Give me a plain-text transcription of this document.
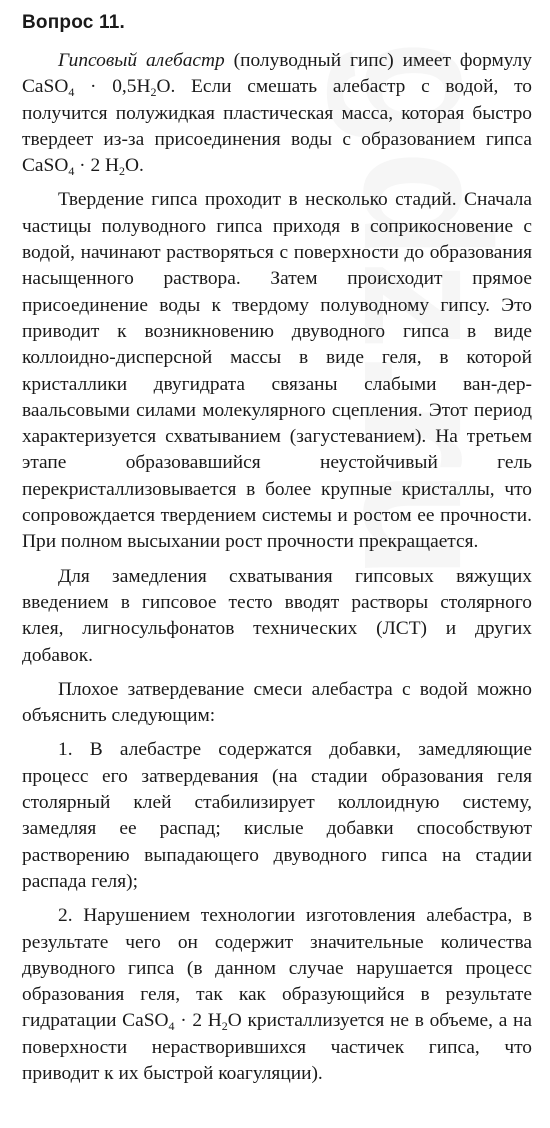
Вопрос 11.

Гипсовый алебастр (полуводный гипс) имеет формулу CaSO$_4$ · $0,5H_2O$. Если смешать алебастр с водой, то получится полужидкая пластическая масса, которая быстро твердеет из-за присоединения воды с образованием гипса CaSO$_4$ · 2 $H_2O$.

Твердение гипса проходит в несколько стадий. Сначала частицы полуводного гипса приходя в соприкосновение с водой, начинают растворяться с поверхности до образования насыщенного раствора. Затем происходит прямое присоединение воды к твердому полуводному гипсу. Это приводит к возникновению двуводного гипса в виде коллоидно-дисперсной массы в виде геля, в которой кристаллики двугидрата связаны слабыми ван-дер-ваальсовыми силами молекулярного сцепления. Этот период характеризуется схватыванием (загустеванием). На третьем этапе образовавшийся неустойчивый гель перекристаллизовывается в более крупные кристаллы, что сопровождается твердением системы и ростом ее прочности. При полном высыхании рост прочности прекращается.

Для замедления схватывания гипсовых вяжущих введением в гипсовое тесто вводят растворы столярного клея, лигносульфонатов технических (ЛСТ) и других добавок.

Плохое затвердевание смеси алебастра с водой можно объяснить следующим:

1. В алебастре содержатся добавки, замедляющие процесс его затвердевания (на стадии образования геля столярный клей стабилизирует коллоидную систему, замедляя ее распад; кислые добавки способствуют растворению выпадающего двуводного гипса на стадии распада геля);

2. Нарушением технологии изготовления алебастра, в результате чего он содержит значительные количества двуводного гипса (в данном случае нарушается процесс образования геля, так как образующийся в результате гидратации CaSO$_4$ · 2 $H_2O$ кристаллизуется не в объеме, а на поверхности нерастворившихся частичек гипса, что приводит к их быстрой коагуляции).
